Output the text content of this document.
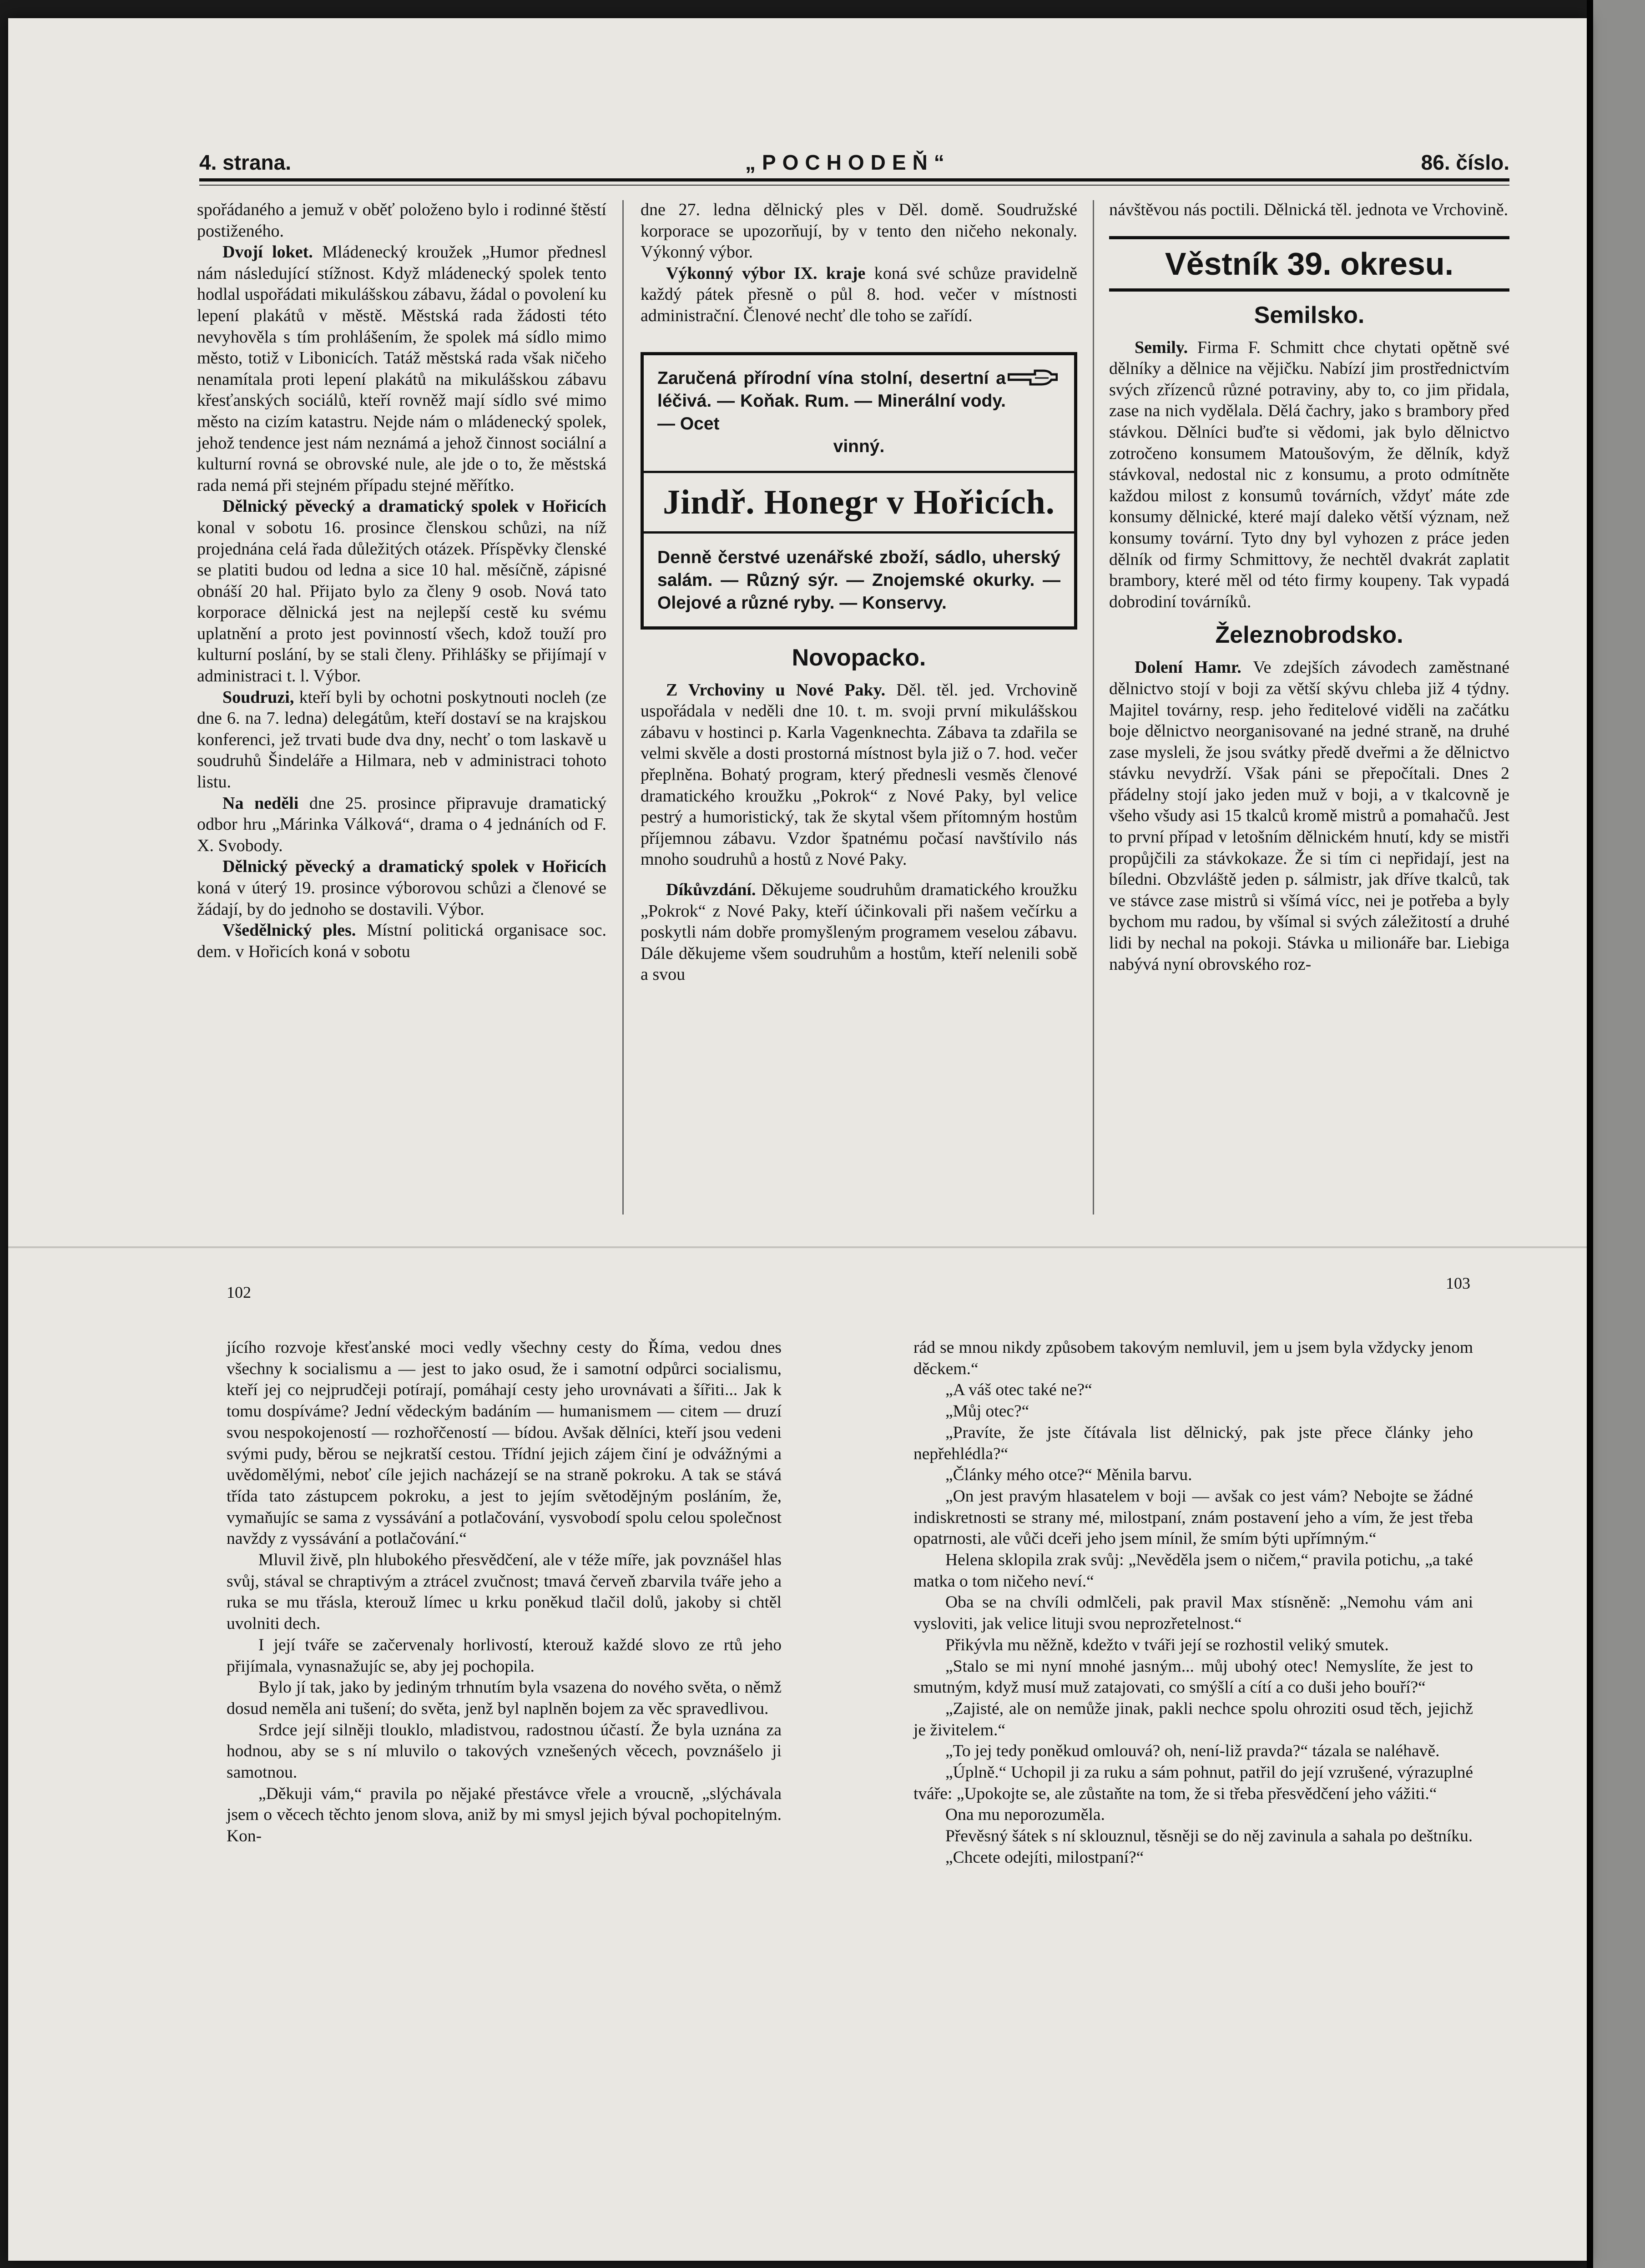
4. strana.	„POCHODEŇ“	86. číslo.

spořádaného a jemuž v oběť položeno bylo i rodinné štěstí postiženého.

Dvojí loket. Mládenecký kroužek „Humor přednesl nám následující stížnost. Když mládenecký spolek tento hodlal uspořádati mikulášskou zábavu, žádal o povolení ku lepení plakátů v městě. Městská rada žádosti této nevyhověla s tím prohlášením, že spolek má sídlo mimo město, totiž v Libonicích. Tatáž městská rada však ničeho nenamítala proti lepení plakátů na mikulášskou zábavu křesťanských sociálů, kteří rovněž mají sídlo své mimo město na cizím katastru. Nejde nám o mládenecký spolek, jehož tendence jest nám neznámá a jehož činnost sociální a kulturní rovná se obrovské nule, ale jde o to, že městská rada nemá při stejném případu stejné měřítko.

Dělnický pěvecký a dramatický spolek v Hořicích konal v sobotu 16. prosince členskou schůzi, na níž projednána celá řada důležitých otázek. Příspěvky členské se platiti budou od ledna a sice 10 hal. měsíčně, zápisné obnáší 20 hal. Přijato bylo za členy 9 osob. Nová tato korporace dělnická jest na nejlepší cestě ku svému uplatnění a proto jest povinností všech, kdož touží pro kulturní poslání, by se stali členy. Přihlášky se přijímají v administraci t. l. Výbor.

Soudruzi, kteří byli by ochotni poskytnouti nocleh (ze dne 6. na 7. ledna) delegátům, kteří dostaví se na krajskou konferenci, jež trvati bude dva dny, nechť o tom laskavě u soudruhů Šindeláře a Hilmara, neb v administraci tohoto listu.

Na neděli dne 25. prosince připravuje dramatický odbor hru „Márinka Válková“, drama o 4 jednáních od F. X. Svobody.

Dělnický pěvecký a dramatický spolek v Hořicích koná v úterý 19. prosince výborovou schůzi a členové se žádají, by do jednoho se dostavili. Výbor.

Všedělnický ples. Místní politická organisace soc. dem. v Hořicích koná v sobotu

dne 27. ledna dělnický ples v Děl. domě. Soudružské korporace se upozorňují, by v tento den ničeho nekonaly. Výkonný výbor.

Výkonný výbor IX. kraje koná své schůze pravidelně každý pátek přesně o půl 8. hod. večer v místnosti administrační. Členové nechť dle toho se zařídí.

Zaručená přírodní vína stolní, desertní a léčivá. — Koňak. Rum. — Minerální vody. — Ocet
vinný.
Jindř. Honegr v Hořicích.
Denně čerstvé uzenářské zboží, sádlo, uherský salám. — Různý sýr. — Znojemské okurky. — Olejové a různé ryby. — Konservy.
Novopacko.

Z Vrchoviny u Nové Paky. Děl. těl. jed. Vrchovině uspořádala v neděli dne 10. t. m. svoji první mikulášskou zábavu v hostinci p. Karla Vagenknechta. Zábava ta zdařila se velmi skvěle a dosti prostorná místnost byla již o 7. hod. večer přeplněna. Bohatý program, který přednesli vesměs členové dramatického kroužku „Pokrok“ z Nové Paky, byl velice pestrý a humoristický, tak že skytal všem přítomným hostům příjemnou zábavu. Vzdor špatnému počasí navštívilo nás mnoho soudruhů a hostů z Nové Paky.

Díkůvzdání. Děkujeme soudruhům dramatického kroužku „Pokrok“ z Nové Paky, kteří účinkovali při našem večírku a poskytli nám dobře promyšleným programem veselou zábavu. Dále děkujeme všem soudruhům a hostům, kteří nelenili sobě a svou

návštěvou nás poctili. Dělnická těl. jednota ve Vrchovině.

Věstník 39. okresu.
Semilsko.

Semily. Firma F. Schmitt chce chytati opětně své dělníky a dělnice na vějičku. Nabízí jim prostřednictvím svých zřízenců různé potraviny, aby to, co jim přidala, zase na nich vydělala. Dělá čachry, jako s brambory před stávkou. Dělníci buďte si vědomi, jak bylo dělnictvo zotročeno konsumem Matoušovým, že dělník, když stávkoval, nedostal nic z konsumu, a proto odmítněte každou milost z konsumů továrních, vždyť máte zde konsumy dělnické, které mají daleko větší význam, než konsumy tovární. Tyto dny byl vyhozen z práce jeden dělník od firmy Schmittovy, že nechtěl dvakrát zaplatit brambory, které měl od této firmy koupeny. Tak vypadá dobrodiní továrníků.

Železnobrodsko.

Dolení Hamr. Ve zdejších závodech zaměstnané dělnictvo stojí v boji za větší skývu chleba již 4 týdny. Majitel továrny, resp. jeho ředitelové viděli na začátku boje dělnictvo neorganisované na jedné straně, na druhé zase mysleli, že jsou svátky předě dveřmi a že dělnictvo stávku nevydrží. Však páni se přepočítali. Dnes 2 přádelny stojí jako jeden muž v boji, a v tkalcovně je všeho všudy asi 15 tkalců kromě mistrů a pomahačů. Jest to první případ v letošním dělnickém hnutí, kdy se mistři propůjčili za stávkokaze. Že si tím ci nepřidají, jest na bíledni. Obzvláště jeden p. sálmistr, jak dříve tkalců, tak ve stávce zase mistrů si všímá vícc, nei je potřeba a byly bychom mu radou, by všímal si svých záležitostí a druhé lidi by nechal na pokoji. Stávka u milionáře bar. Liebiga nabývá nyní obrovského roz-

102	103

jícího rozvoje křesťanské moci vedly všechny cesty do Říma, vedou dnes všechny k socialismu a — jest to jako osud, že i samotní odpůrci socialismu, kteří jej co nejprudčeji potírají, pomáhají cesty jeho urovnávati a šířiti... Jak k tomu dospíváme? Jední vědeckým badáním — humanismem — citem — druzí svou nespokojeností — rozhořčeností — bídou. Avšak dělníci, kteří jsou vedeni svými pudy, běrou se nejkratší cestou. Třídní jejich zájem činí je odvážnými a uvědomělými, neboť cíle jejich nacházejí se na straně pokroku. A tak se stává třída tato zástupcem pokroku, a jest to jejím světodějným posláním, že, vymaňujíc se sama z vyssávání a potlačování, vysvobodí spolu celou společnost navždy z vyssávání a potlačování.“

Mluvil živě, pln hlubokého přesvědčení, ale v téže míře, jak povznášel hlas svůj, stával se chraptivým a ztrácel zvučnost; tmavá červeň zbarvila tváře jeho a ruka se mu třásla, kterouž límec u krku poněkud tlačil dolů, jakoby si chtěl uvolniti dech.

I její tváře se začervenaly horlivostí, kterouž každé slovo ze rtů jeho přijímala, vynasnažujíc se, aby jej pochopila.

Bylo jí tak, jako by jediným trhnutím byla vsazena do nového světa, o němž dosud neměla ani tušení; do světa, jenž byl naplněn bojem za věc spravedlivou.

Srdce její silněji tlouklo, mladistvou, radostnou účastí. Že byla uznána za hodnou, aby se s ní mluvilo o takových vznešených věcech, povznášelo ji samotnou.

„Děkuji vám,“ pravila po nějaké přestávce vřele a vroucně, „slýchávala jsem o věcech těchto jenom slova, aniž by mi smysl jejich býval pochopitelným. Kon-

rád se mnou nikdy způsobem takovým nemluvil, jem u jsem byla vždycky jenom děckem.“

„A váš otec také ne?“

„Můj otec?“

„Pravíte, že jste čítávala list dělnický, pak jste přece články jeho nepřehlédla?“

„Články mého otce?“ Měnila barvu.

„On jest pravým hlasatelem v boji — avšak co jest vám? Nebojte se žádné indiskretnosti se strany mé, milostpaní, znám postavení jeho a vím, že jest třeba opatrnosti, ale vůči dceři jeho jsem mínil, že smím býti upřímným.“

Helena sklopila zrak svůj: „Nevěděla jsem o ničem,“ pravila potichu, „a také matka o tom ničeho neví.“

Oba se na chvíli odmlčeli, pak pravil Max stísněně: „Nemohu vám ani vysloviti, jak velice lituji svou neprozřetelnost.“

Přikývla mu něžně, kdežto v tváři její se rozhostil veliký smutek.

„Stalo se mi nyní mnohé jasným... můj ubohý otec! Nemyslíte, že jest to smutným, když musí muž zatajovati, co smýšlí a cítí a co duši jeho bouří?“

„Zajisté, ale on nemůže jinak, pakli nechce spolu ohroziti osud těch, jejichž je živitelem.“

„To jej tedy poněkud omlouvá? oh, není-liž pravda?“ tázala se naléhavě.

„Úplně.“ Uchopil ji za ruku a sám pohnut, patřil do její vzrušené, výrazuplné tváře: „Upokojte se, ale zůstaňte na tom, že si třeba přesvědčení jeho vážiti.“

Ona mu neporozuměla.

Převěsný šátek s ní sklouznul, těsněji se do něj zavinula a sahala po deštníku.

„Chcete odejíti, milostpaní?“
